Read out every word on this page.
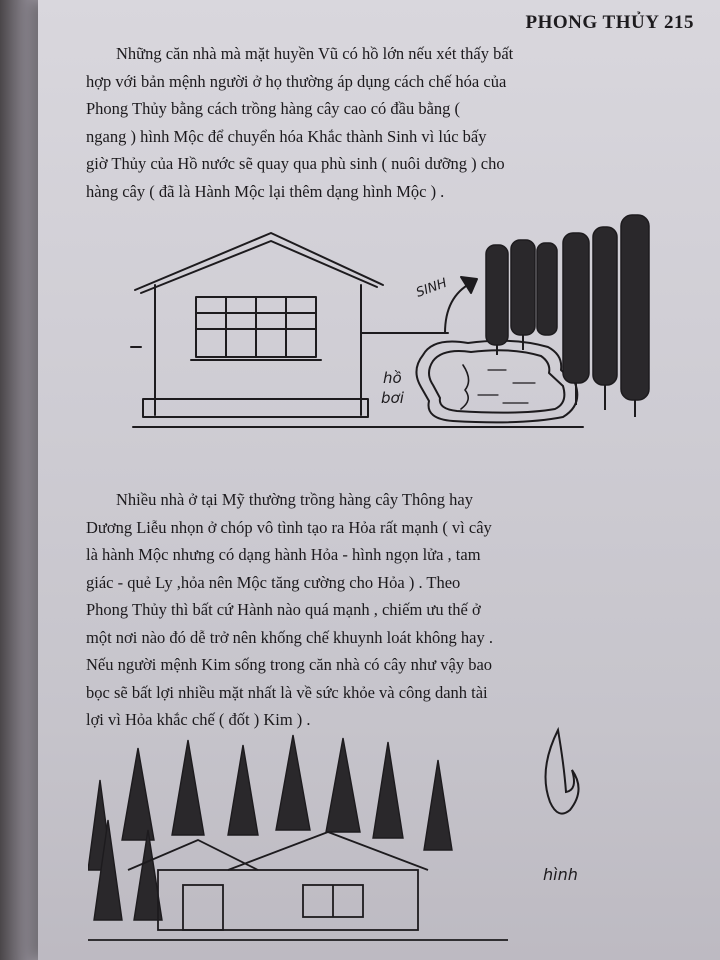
PHONG THỦY 215
Những căn nhà mà mặt huyền Vũ có hồ lớn nếu xét thấy bất
hợp với bản mệnh người ở họ thường áp dụng cách chế hóa của
Phong Thủy bằng cách trồng hàng cây cao có đầu bằng (
ngang ) hình Mộc để chuyển hóa Khắc thành Sinh vì lúc bấy
giờ Thủy của Hồ nước sẽ quay qua phù sinh ( nuôi dưỡng ) cho
hàng cây ( đã là Hành Mộc lại thêm dạng hình Mộc ) .
SINH
hồ
bơi
Nhiều nhà ở tại Mỹ thường trồng hàng cây Thông hay
Dương Liễu nhọn ở chóp vô tình tạo ra Hỏa rất mạnh ( vì cây
là hành Mộc nhưng có dạng hành Hỏa - hình ngọn lửa , tam
giác - quẻ Ly ,hỏa nên Mộc tăng cường cho Hỏa ) . Theo
Phong Thủy thì bất cứ Hành nào quá mạnh , chiếm ưu thế ở
một nơi nào đó dễ trở nên khống chế khuynh loát không hay .
Nếu người mệnh Kim sống trong căn nhà có cây như vậy bao
bọc sẽ bất lợi nhiều mặt nhất là về sức khỏe và công danh tài
lợi vì Hỏa khắc chế ( đốt ) Kim ) .
hình
